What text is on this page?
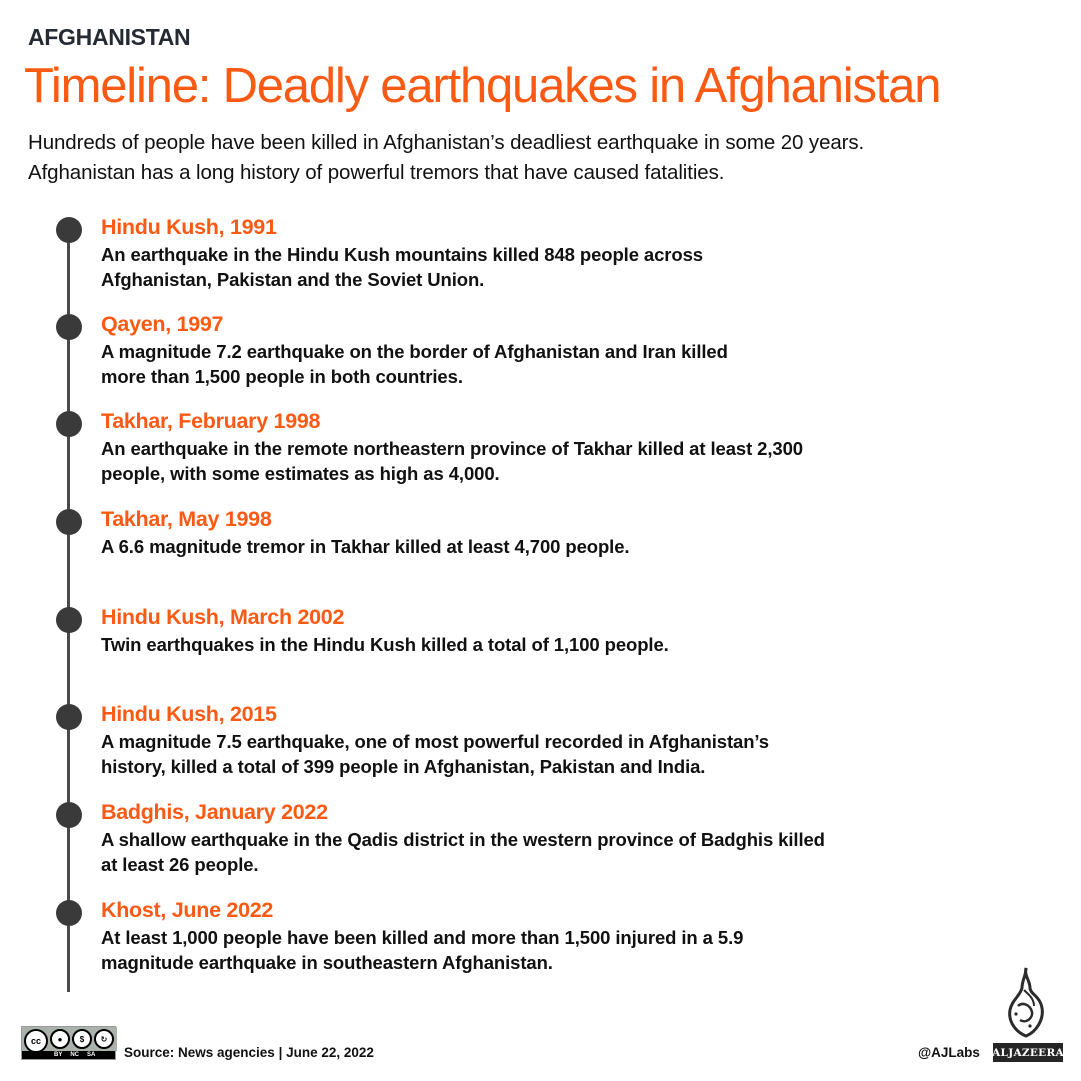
AFGHANISTAN
Timeline: Deadly earthquakes in Afghanistan
Hundreds of people have been killed in Afghanistan’s deadliest earthquake in some 20 years.
Afghanistan has a long history of powerful tremors that have caused fatalities.
Hindu Kush, 1991
An earthquake in the Hindu Kush mountains killed 848 people across
Afghanistan, Pakistan and the Soviet Union.
Qayen, 1997
A magnitude 7.2 earthquake on the border of Afghanistan and Iran killed
more than 1,500 people in both countries.
Takhar, February 1998
An earthquake in the remote northeastern province of Takhar killed at least 2,300
people, with some estimates as high as 4,000.
Takhar, May 1998
A 6.6 magnitude tremor in Takhar killed at least 4,700 people.
Hindu Kush, March 2002
Twin earthquakes in the Hindu Kush killed a total of 1,100 people.
Hindu Kush, 2015
A magnitude 7.5 earthquake, one of most powerful recorded in Afghanistan’s
history, killed a total of 399 people in Afghanistan, Pakistan and India.
Badghis, January 2022
A shallow earthquake in the Qadis district in the western province of Badghis killed
at least 26 people.
Khost, June 2022
At least 1,000 people have been killed and more than 1,500 injured in a 5.9
magnitude earthquake in southeastern Afghanistan.
cc	●	$	↻
BY NC SA Source: News agencies | June 22, 2022	@AJLabs ALJAZEERA
